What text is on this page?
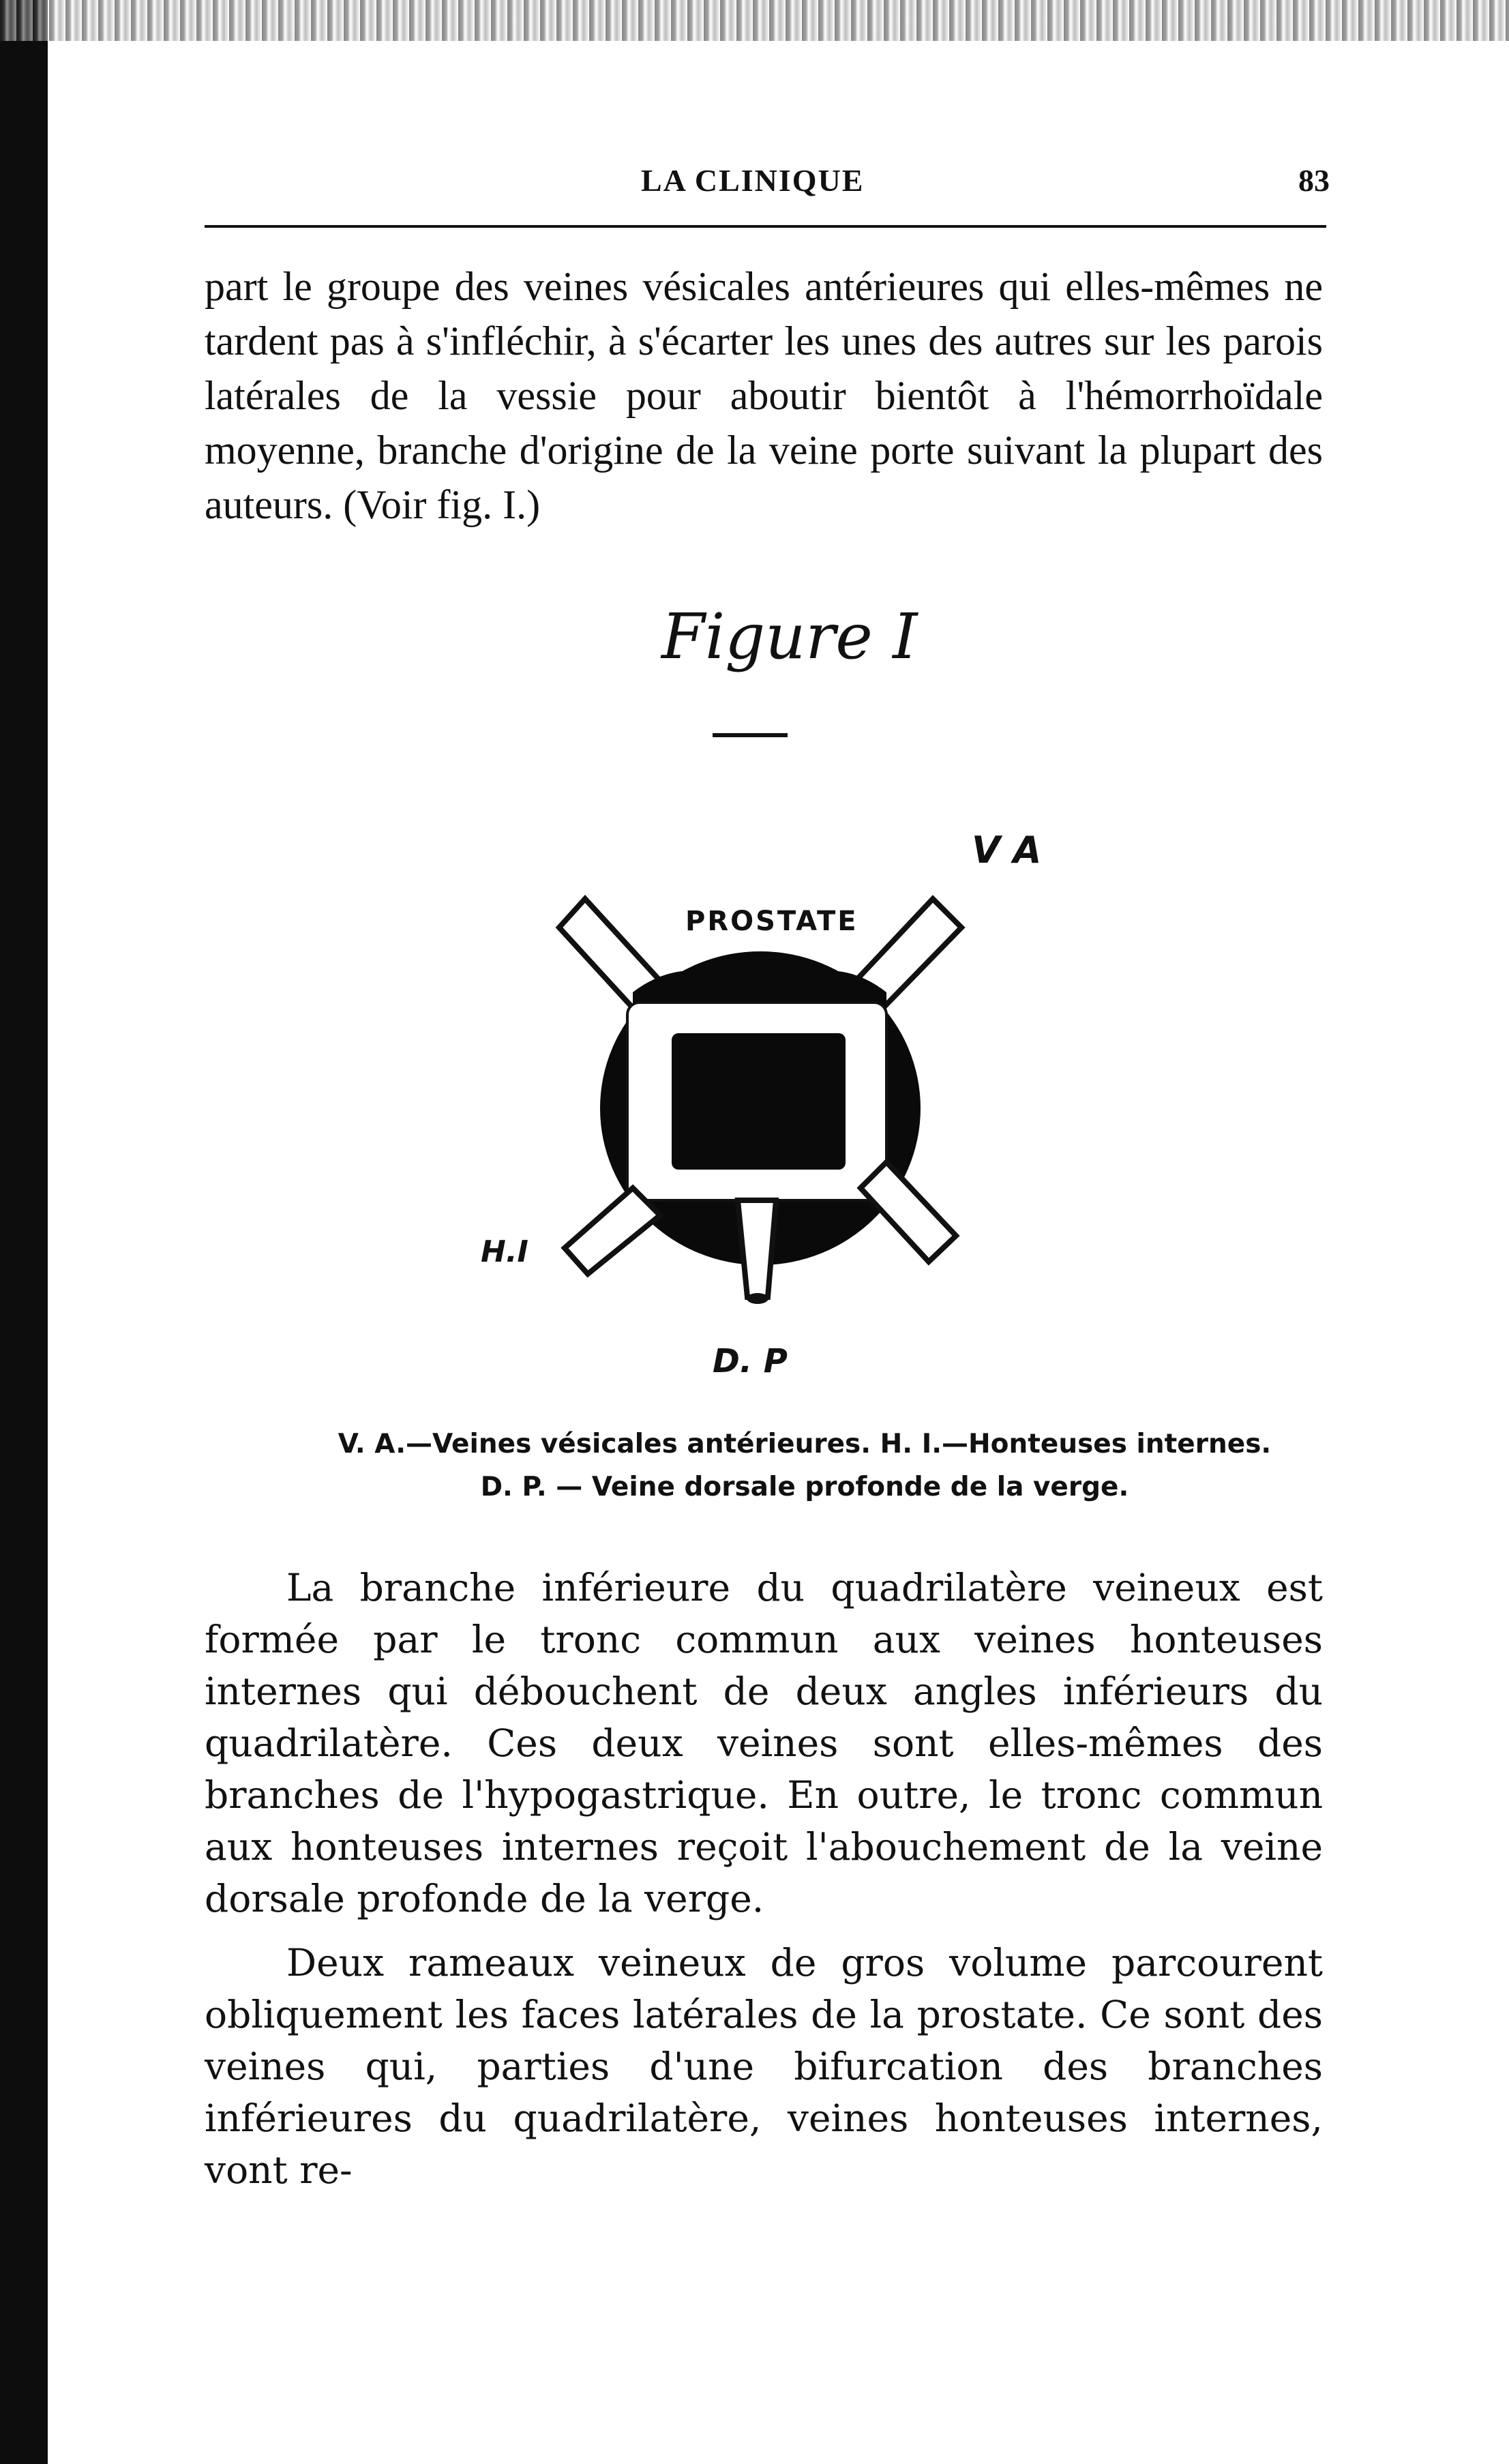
LA CLINIQUE	83

part le groupe des veines vésicales antérieures qui elles-mêmes ne tardent pas à s'infléchir, à s'écarter les unes des autres sur les parois latérales de la vessie pour aboutir bientôt à l'hémorrhoïdale moyenne, branche d'origine de la veine porte suivant la plupart des auteurs. (Voir fig. I.)

Figure I
PROSTATE
V A
H.I
D. P
V. A.—Veines vésicales antérieures. H. I.—Honteuses internes.
D. P. — Veine dorsale profonde de la verge.

La branche inférieure du quadrilatère veineux est formée par le tronc commun aux veines honteuses internes qui débouchent de deux angles inférieurs du quadrilatère. Ces deux veines sont elles-mêmes des branches de l'hypogastrique. En outre, le tronc commun aux honteuses internes reçoit l'abouchement de la veine dorsale profonde de la verge.

Deux rameaux veineux de gros volume parcourent obliquement les faces latérales de la prostate. Ce sont des veines qui, parties d'une bifurcation des branches inférieures du quadrilatère, veines honteuses internes, vont re-
